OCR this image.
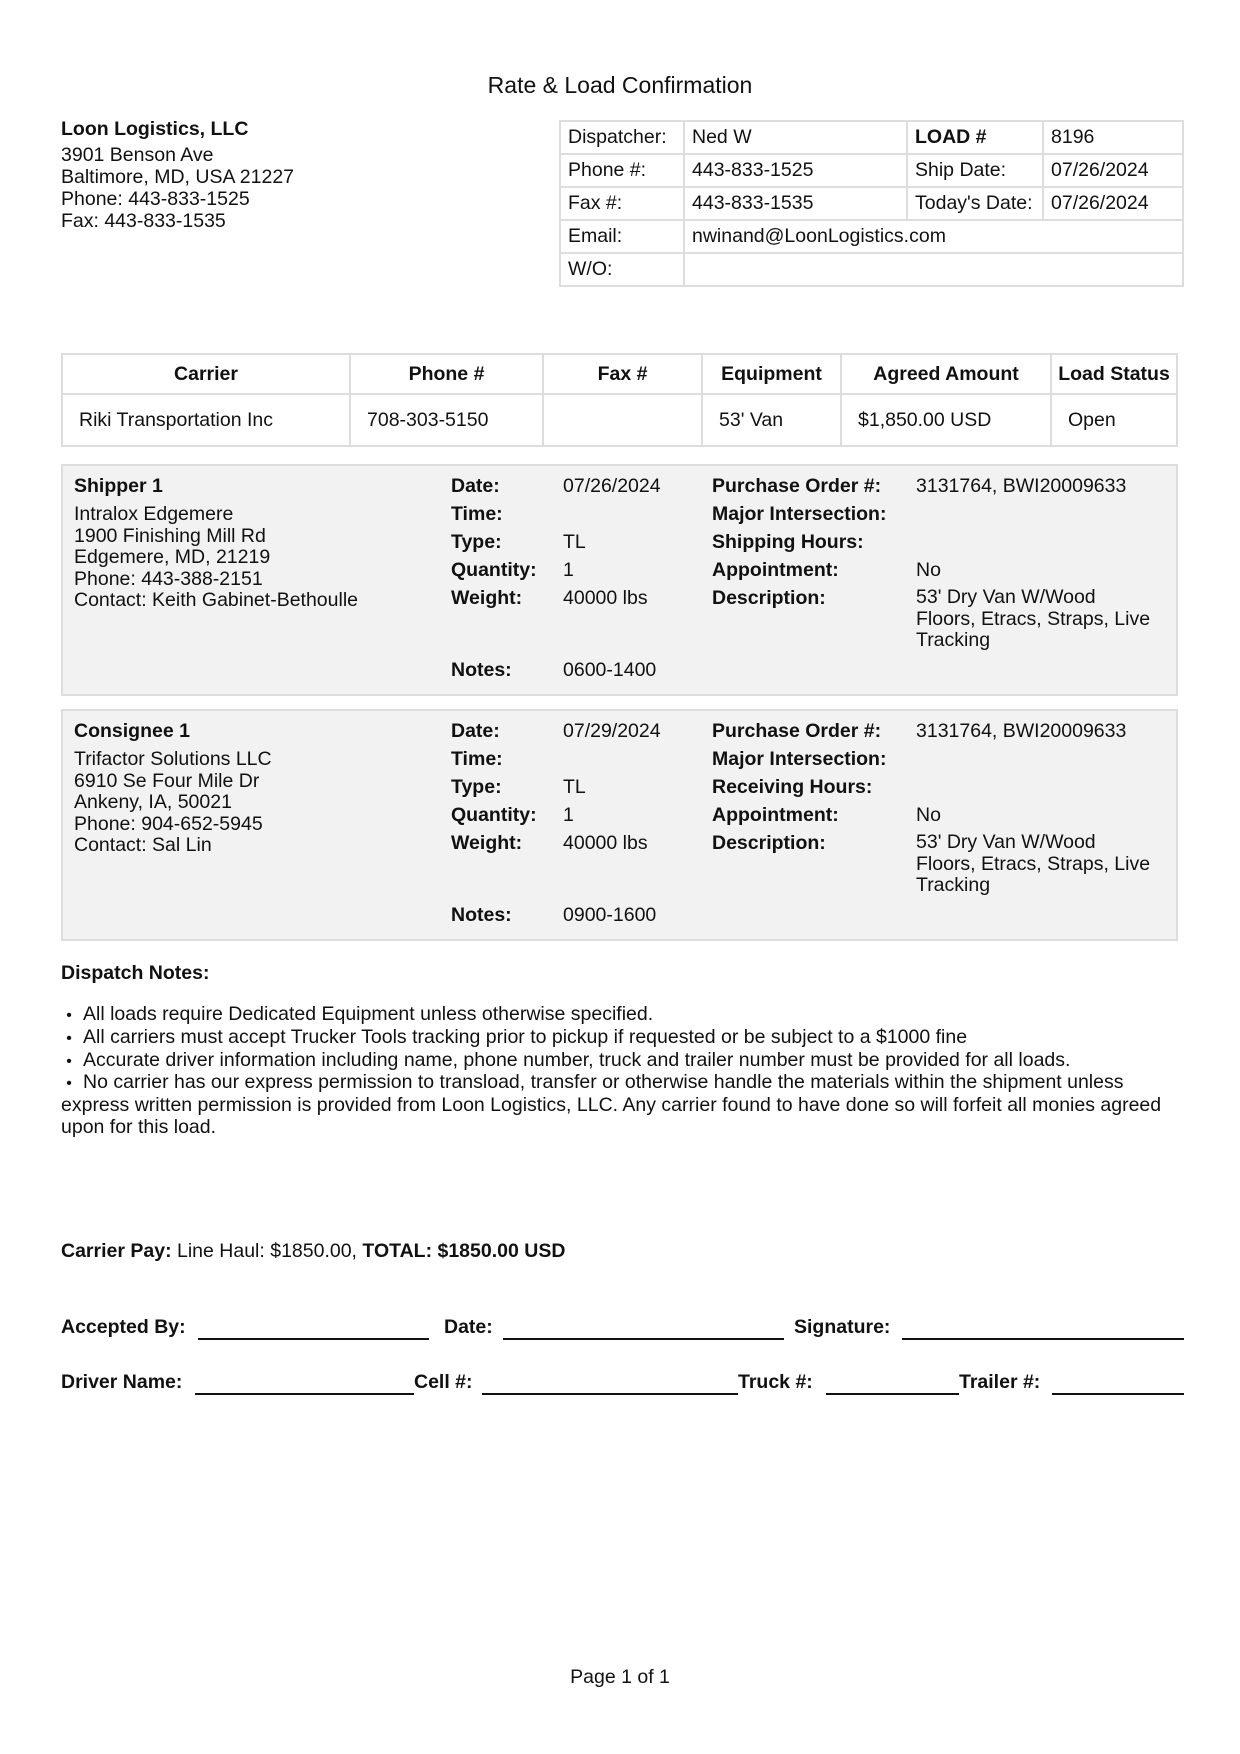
Rate & Load Confirmation
Loon Logistics, LLC
3901 Benson Ave
Baltimore, MD, USA 21227
Phone: 443-833-1525
Fax: 443-833-1535
Dispatcher:	Ned W	LOAD #	8196
Phone #:	443-833-1525	Ship Date:	07/26/2024
Fax #:	443-833-1535	Today's Date:	07/26/2024
Email:	nwinand@LoonLogistics.com		
W/O:			
Carrier	Phone #	Fax #	Equipment	Agreed Amount	Load Status
Riki Transportation Inc	708-303-5150		53' Van	$1,850.00 USD	Open
Shipper 1
Intralox Edgemere
1900 Finishing Mill Rd
Edgemere, MD, 21219
Phone: 443-388-2151
Contact: Keith Gabinet-Bethoulle
Date:	07/26/2024
Time:
Type:	TL
Quantity: 1
Weight: 40000 lbs
Notes:	0600-1400
Purchase Order #: 3131764, BWI20009633
Major Intersection:
Shipping Hours:
Appointment:	No
Description:	53' Dry Van W/Wood
Floors, Etracs, Straps, Live
Tracking
Consignee 1
Trifactor Solutions LLC
6910 Se Four Mile Dr
Ankeny, IA, 50021
Phone: 904-652-5945
Contact: Sal Lin
Date:	07/29/2024
Time:
Type:	TL
Quantity: 1
Weight: 40000 lbs
Notes:	0900-1600
Purchase Order #: 3131764, BWI20009633
Major Intersection:
Receiving Hours:
Appointment:	No
Description:	53' Dry Van W/Wood
Floors, Etracs, Straps, Live
Tracking
Dispatch Notes:
• All loads require Dedicated Equipment unless otherwise specified.
• All carriers must accept Trucker Tools tracking prior to pickup if requested or be subject to a $1000 fine
• Accurate driver information including name, phone number, truck and trailer number must be provided for all loads.
• No carrier has our express permission to transload, transfer or otherwise handle the materials within the shipment unless express written permission is provided from Loon Logistics, LLC. Any carrier found to have done so will forfeit all monies agreed upon for this load.
Carrier Pay: Line Haul: $1850.00, TOTAL: $1850.00 USD
Accepted By:	Date:	Signature:
Driver Name:	Cell #:	Truck #:	Trailer #:
Page 1 of 1
